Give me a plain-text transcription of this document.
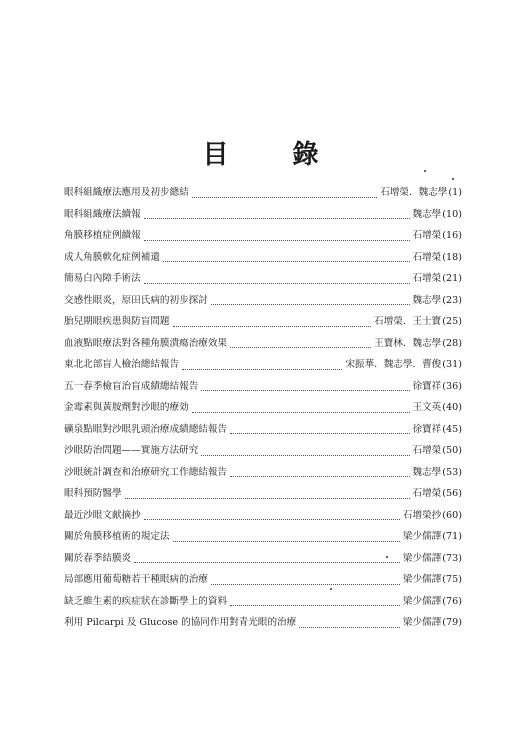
目 錄
眼科組織療法應用及初步總結	石增榮．魏志學 ( 1 )
眼科組織療法續報	魏志學 ( 10 )
角膜移植症例續報	石增榮 ( 16 )
成人角膜軟化症例補遺	石增榮 ( 18 )
簡易白內障手術法	石增榮 ( 21 )
交感性眼炎，原田氏病的初步探討	魏志學 ( 23 )
胎兒期眼疾患與防盲問題	石增榮．王士寶 ( 25 )
血液點眼療法對各種角膜潰瘍治療效果	王寶林．魏志學 ( 28 )
東北北部盲人檢治總結報告	宋振華．魏志學．曹俊 ( 31 )
五一春季檢盲治盲成績總結報告	徐寶祥 ( 36 )
金霉素與黃胺劑對沙眼的療効	王文英 ( 40 )
礦泉點眼對沙眼乳頭治療成績總結報告	徐寶祥 ( 45 )
沙眼防治問題——實施方法研究	石增榮 ( 50 )
沙眼統計調查和治療研究工作總結報告	魏志學 ( 53 )
眼科預防醫學	石增榮 ( 56 )
最近沙眼文献摘抄	石增榮抄 ( 60 )
關於角膜移植術的規定法	梁少儒譯 ( 71 )
關於春季結膜炎	梁少儒譯 ( 73 )
局部應用葡萄糖若干種眼病的治療	梁少儒譯 ( 75 )
缺乏維生素的疾症狀在診斷學上的資料	梁少儒譯 ( 76 )
利用 Pilcarpi 及 Glucose 的協同作用對青光眼的治療	梁少儒譯 ( 79 )
